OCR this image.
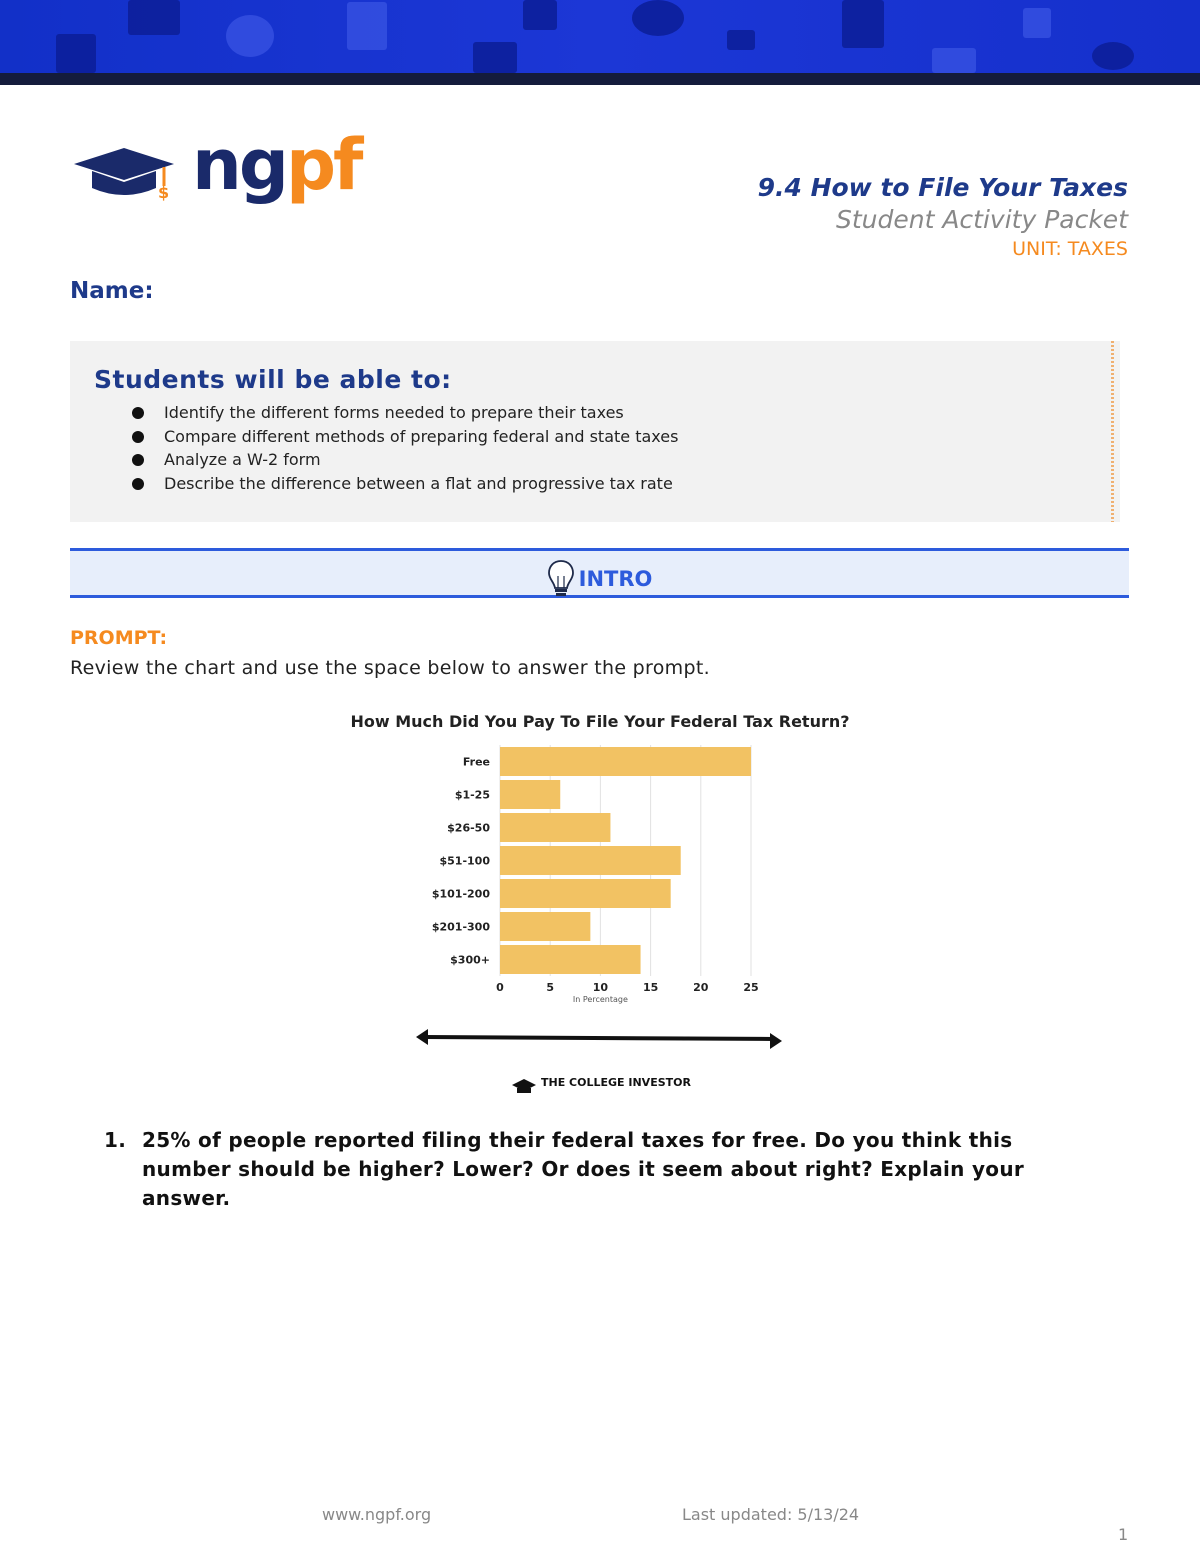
$ ngpf	9.4 How to File Your Taxes
Student Activity Packet
UNIT: TAXES
Name:
Students will be able to:
Identify the different forms needed to prepare their taxes
Compare different methods of preparing federal and state taxes
Analyze a W-2 form
Describe the difference between a flat and progressive tax rate
INTRO
PROMPT:
Review the chart and use the space below to answer the prompt.
How Much Did You Pay To File Your Federal Tax Return?
Free
$1-25
$26-50
$51-100
$101-200
$201-300
$300+
0	5	10	15	20	25
In Percentage
THE COLLEGE INVESTOR
1. 25% of people reported filing their federal taxes for free. Do you think this number should be higher? Lower? Or does it seem about right? Explain your answer.
www.ngpf.org	Last updated: 5/13/24
1
